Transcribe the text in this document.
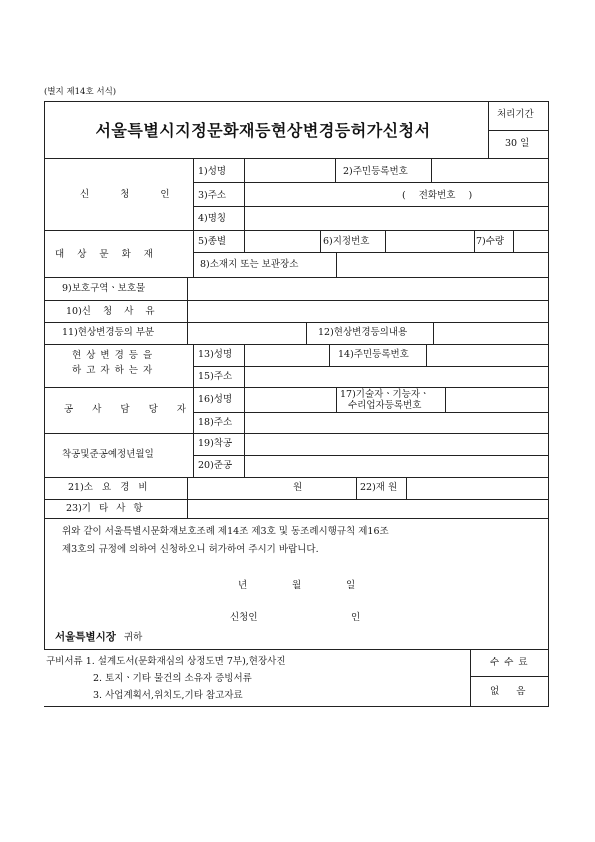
(별지 제14호 서식)
서울특별시지정문화재등현상변경등허가신청서
처리기간
30 일
신 청 인
1)성명	2)주민등록번호
3)주소	( 전화번호 )
4)명칭
대 상 문 화 재
5)종별	6)지정번호	7)수량
8)소재지 또는 보관장소
9)보호구역ㆍ보호물
10)신 청 사 유
11)현상변경등의 부분	12)현상변경등의내용
현 상 변 경 등 을
하 고 자 하 는 자
13)성명	14)주민등록번호
15)주소
공 사 담 당 자
16)성명	17)기술자ㆍ기능자ㆍ
수리업자등록번호
18)주소
착공및준공예정년월일
19)착공
20)준공
21)소 요 경 비	원	22)재 원
23)기 타 사 항
위와 같이 서울특별시문화재보호조례 제14조 제3호 및 동조례시행규칙 제16조
제3호의 규정에 의하여 신청하오니 허가하여 주시기 바랍니다.
년	월	일
신청인	인
서울특별시장 귀하
구비서류 1. 설계도서(문화재심의 상정도면 7부),현장사진
2. 토지ㆍ기타 물건의 소유자 증빙서류
3. 사업계획서,위치도,기타 참고자료
수 수 료
없 음
